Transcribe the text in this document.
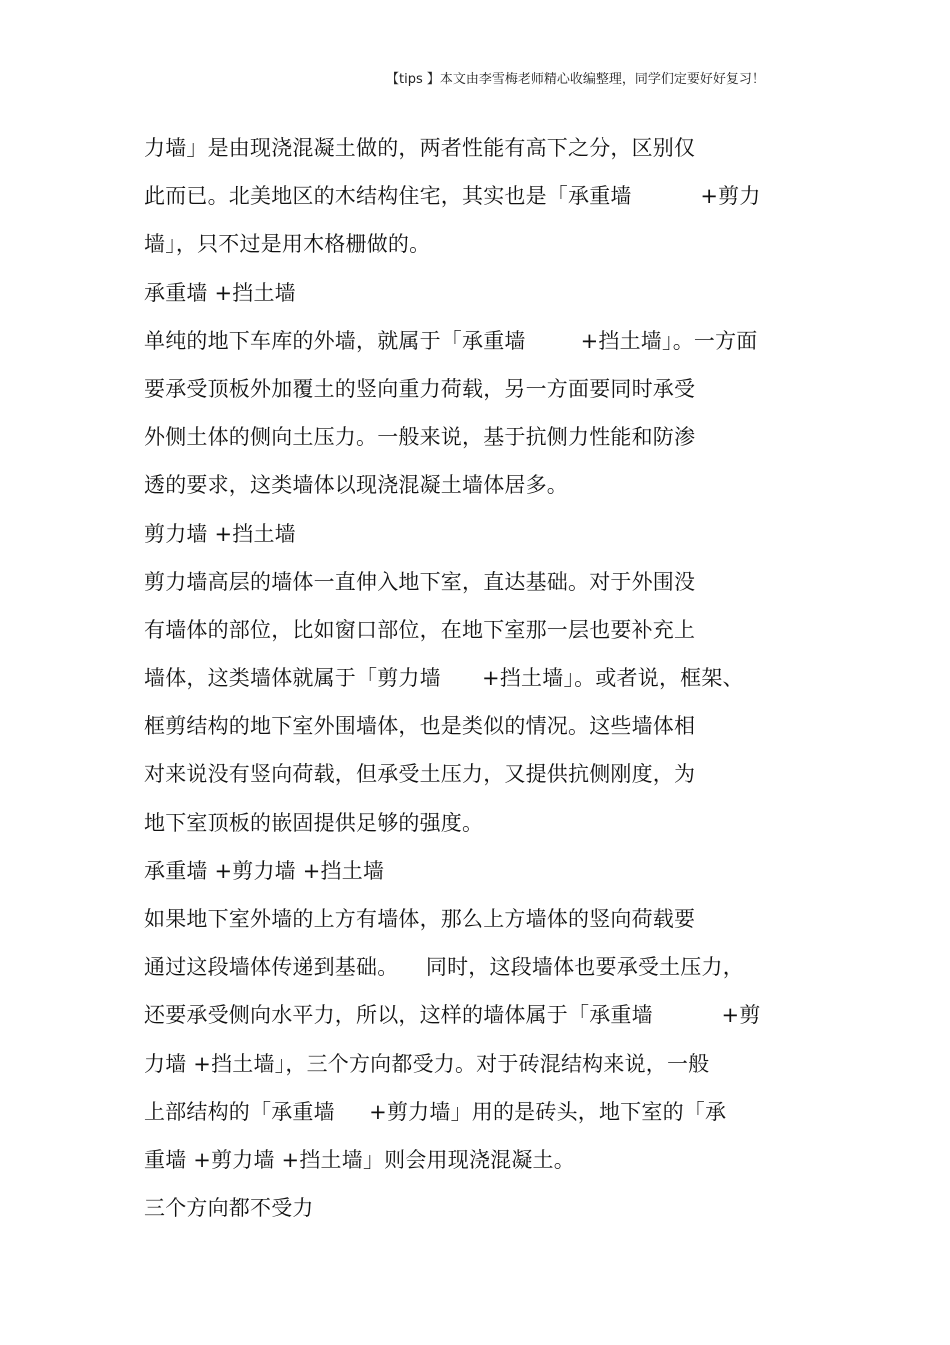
【tips 】本文由李雪梅老师精心收编整理，同学们定要好好复习！
力墙」是由现浇混凝土做的，两者性能有高下之分，区别仅
此而已。北美地区的木结构住宅，其实也是「承重墙          +剪力
墙」，只不过是用木格栅做的。
承重墙 +挡土墙
单纯的地下车库的外墙，就属于「承重墙        +挡土墙」。一方面
要承受顶板外加覆土的竖向重力荷载，另一方面要同时承受
外侧土体的侧向土压力。一般来说，基于抗侧力性能和防渗
透的要求，这类墙体以现浇混凝土墙体居多。
剪力墙 +挡土墙
剪力墙高层的墙体一直伸入地下室，直达基础。对于外围没
有墙体的部位，比如窗口部位，在地下室那一层也要补充上
墙体，这类墙体就属于「剪力墙      +挡土墙」。或者说，框架、
框剪结构的地下室外围墙体，也是类似的情况。这些墙体相
对来说没有竖向荷载，但承受土压力，又提供抗侧刚度，为
地下室顶板的嵌固提供足够的强度。
承重墙 +剪力墙 +挡土墙
如果地下室外墙的上方有墙体，那么上方墙体的竖向荷载要
通过这段墙体传递到基础。    同时，这段墙体也要承受土压力，
还要承受侧向水平力，所以，这样的墙体属于「承重墙          +剪
力墙 +挡土墙」，三个方向都受力。对于砖混结构来说，一般
上部结构的「承重墙     +剪力墙」用的是砖头，地下室的「承
重墙 +剪力墙 +挡土墙」则会用现浇混凝土。
三个方向都不受力
